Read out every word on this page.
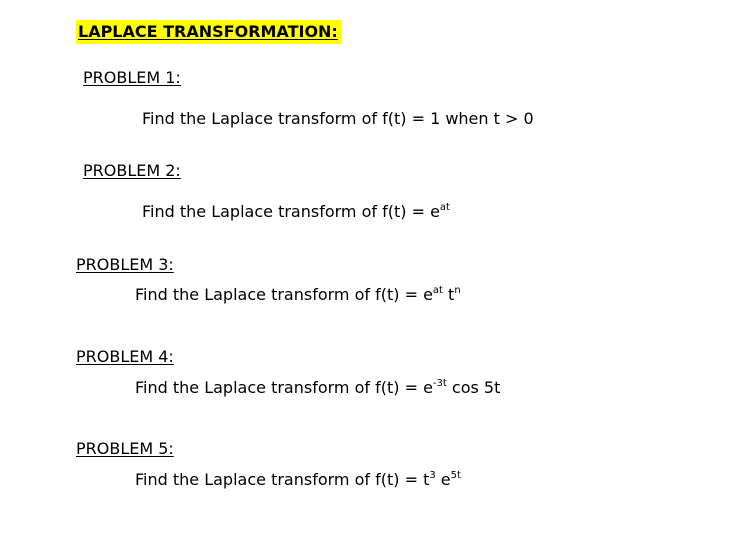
LAPLACE TRANSFORMATION:
PROBLEM 1:
Find the Laplace transform of f(t) = 1 when t > 0
PROBLEM 2:
Find the Laplace transform of $f(t) = e^{at}$
PROBLEM 3:
Find the Laplace transform of $f(t) = e^{at}$ $t^n$
PROBLEM 4:
Find the Laplace transform of $f(t) = e^{-3t}$ cos 5t
PROBLEM 5:
Find the Laplace transform of $f(t) = t^3$ $e^{5t}$
